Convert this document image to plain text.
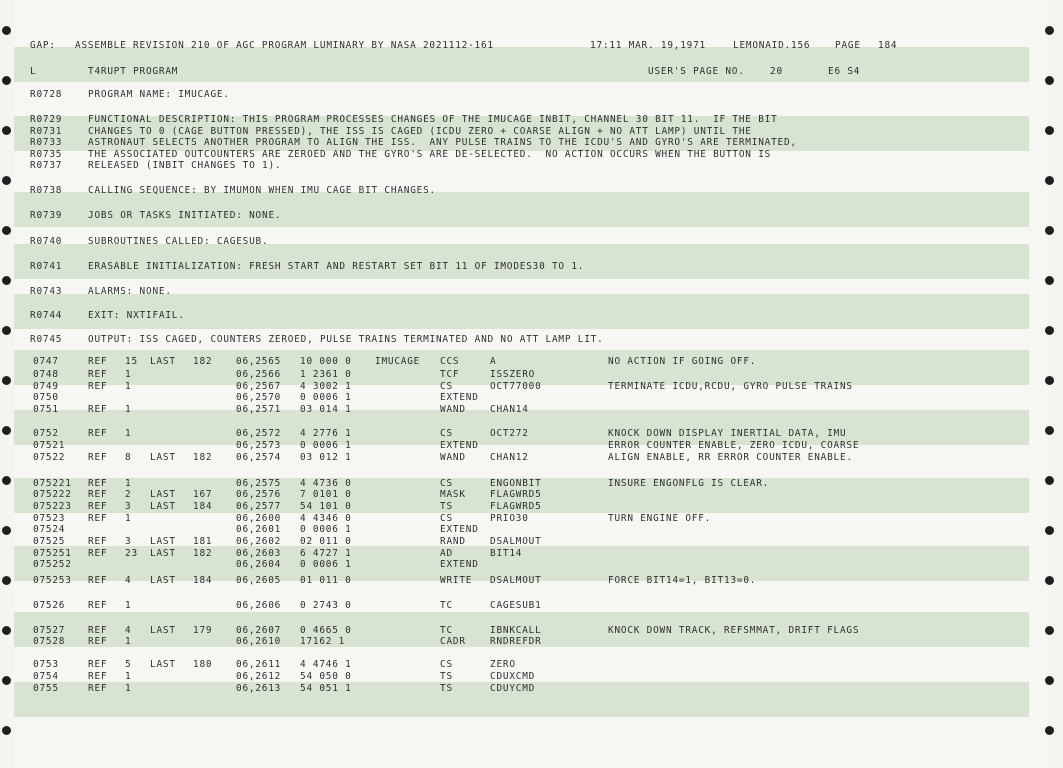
GAP:

ASSEMBLE REVISION 210 OF AGC PROGRAM LUMINARY BY NASA 2021112-161

	17:11 MAR. 19,1971

	LEMONAID.156

	PAGE

184

L

	T4RUPT PROGRAM

	USER'S PAGE NO.

	20

	E6 S4

R0728	PROGRAM NAME: IMUCAGE.
R0729	FUNCTIONAL DESCRIPTION: THIS PROGRAM PROCESSES CHANGES OF THE IMUCAGE INBIT, CHANNEL 30 BIT 11.  IF THE BIT
R0731	CHANGES TO 0 (CAGE BUTTON PRESSED), THE ISS IS CAGED (ICDU ZERO + COARSE ALIGN + NO ATT LAMP) UNTIL THE
R0733	ASTRONAUT SELECTS ANOTHER PROGRAM TO ALIGN THE ISS.  ANY PULSE TRAINS TO THE ICDU'S AND GYRO'S ARE TERMINATED,
R0735	THE ASSOCIATED OUTCOUNTERS ARE ZEROED AND THE GYRO'S ARE DE-SELECTED.  NO ACTION OCCURS WHEN THE BUTTON IS
R0737	RELEASED (INBIT CHANGES TO 1).
R0738	CALLING SEQUENCE: BY IMUMON WHEN IMU CAGE BIT CHANGES.
R0739	JOBS OR TASKS INITIATED: NONE.
R0740	SUBROUTINES CALLED: CAGESUB.
R0741	ERASABLE INITIALIZATION: FRESH START AND RESTART SET BIT 11 OF IMODES30 TO 1.
R0743	ALARMS: NONE.
R0744	EXIT: NXTIFAIL.
R0745	OUTPUT: ISS CAGED, COUNTERS ZEROED, PULSE TRAINS TERMINATED AND NO ATT LAMP LIT.
0747	REF 15 LAST 182	06,2565 10 000 0 IMUCAGE CCS	A	NO ACTION IF GOING OFF.
0748	REF 1	06,2566 1 2361 0	TCF	ISSZERO
0749	REF 1	06,2567 4 3002 1	CS	OCT77000	TERMINATE ICDU,RCDU, GYRO PULSE TRAINS
0750	06,2570 0 0006 1	EXTEND
0751	REF 1	06,2571 03 014 1	WAND	CHAN14
0752	REF 1	06,2572 4 2776 1	CS	OCT272	KNOCK DOWN DISPLAY INERTIAL DATA, IMU
07521	06,2573 0 0006 1	EXTEND	ERROR COUNTER ENABLE, ZERO ICDU, COARSE
07522 REF 8 LAST 182	06,2574 03 012 1	WAND	CHAN12	ALIGN ENABLE, RR ERROR COUNTER ENABLE.
075221 REF 1	06,2575 4 4736 0	CS	ENGONBIT	INSURE ENGONFLG IS CLEAR.
075222 REF 2 LAST 167	06,2576 7 0101 0	MASK	FLAGWRD5
075223 REF 3 LAST 184	06,2577 54 101 0	TS	FLAGWRD5
07523 REF 1	06,2600 4 4346 0	CS	PRIO30	TURN ENGINE OFF.
07524	06,2601 0 0006 1	EXTEND
07525 REF 3 LAST 181	06,2602 02 011 0	RAND	DSALMOUT
075251 REF 23 LAST 182	06,2603 6 4727 1	AD	BIT14
075252	06,2604 0 0006 1	EXTEND
075253 REF 4 LAST 184	06,2605 01 011 0	WRITE DSALMOUT	FORCE BIT14=1, BIT13=0.
07526 REF 1	06,2606 0 2743 0	TC	CAGESUB1
07527 REF 4 LAST 179	06,2607 0 4665 0	TC	IBNKCALL	KNOCK DOWN TRACK, REFSMMAT, DRIFT FLAGS
07528 REF 1	06,2610 17162 1	CADR	RNDREFDR
0753	REF 5 LAST 180	06,2611 4 4746 1	CS	ZERO
0754	REF 1	06,2612 54 050 0	TS	CDUXCMD
0755	REF 1	06,2613 54 051 1	TS	CDUYCMD
